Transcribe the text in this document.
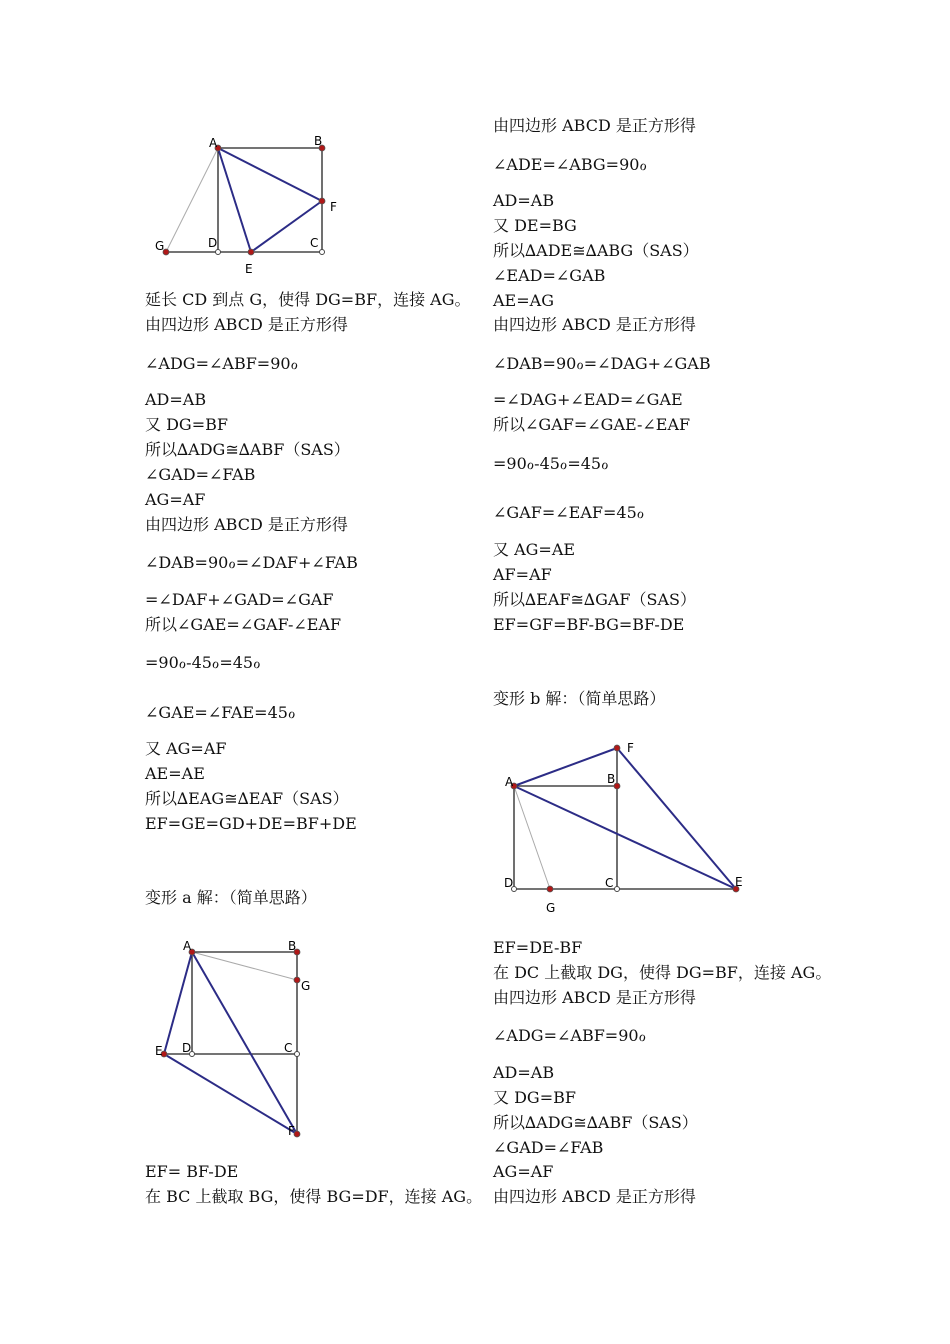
A	B
F
G	D	C
E
A	B
G
E D	C
F
A	B
F
D	C	E
G
延长 CD 到点 G，使得 DG=BF，连接 AG。
由四边形 ABCD 是正方形得
∠ADG=∠ABF=90ℴ
AD=AB
又 DG=BF
所以∆ADG≅∆ABF（SAS）
∠GAD=∠FAB
AG=AF
由四边形 ABCD 是正方形得
∠DAB=90ℴ=∠DAF+∠FAB
=∠DAF+∠GAD=∠GAF
所以∠GAE=∠GAF-∠EAF
=90ℴ-45ℴ=45ℴ
∠GAE=∠FAE=45ℴ
又 AG=AF
AE=AE
所以∆EAG≅∆EAF（SAS）
EF=GE=GD+DE=BF+DE
变形 a 解：（简单思路）
EF= BF-DE
在 BC 上截取 BG，使得 BG=DF，连接 AG。
由四边形 ABCD 是正方形得
∠ADE=∠ABG=90ℴ
AD=AB
又 DE=BG
所以∆ADE≅∆ABG（SAS）
∠EAD=∠GAB
AE=AG
由四边形 ABCD 是正方形得
∠DAB=90ℴ=∠DAG+∠GAB
=∠DAG+∠EAD=∠GAE
所以∠GAF=∠GAE-∠EAF
=90ℴ-45ℴ=45ℴ
∠GAF=∠EAF=45ℴ
又 AG=AE
AF=AF
所以∆EAF≅∆GAF（SAS）
EF=GF=BF-BG=BF-DE
变形 b 解：（简单思路）
EF=DE-BF
在 DC 上截取 DG，使得 DG=BF，连接 AG。
由四边形 ABCD 是正方形得
∠ADG=∠ABF=90ℴ
AD=AB
又 DG=BF
所以∆ADG≅∆ABF（SAS）
∠GAD=∠FAB
AG=AF
由四边形 ABCD 是正方形得
